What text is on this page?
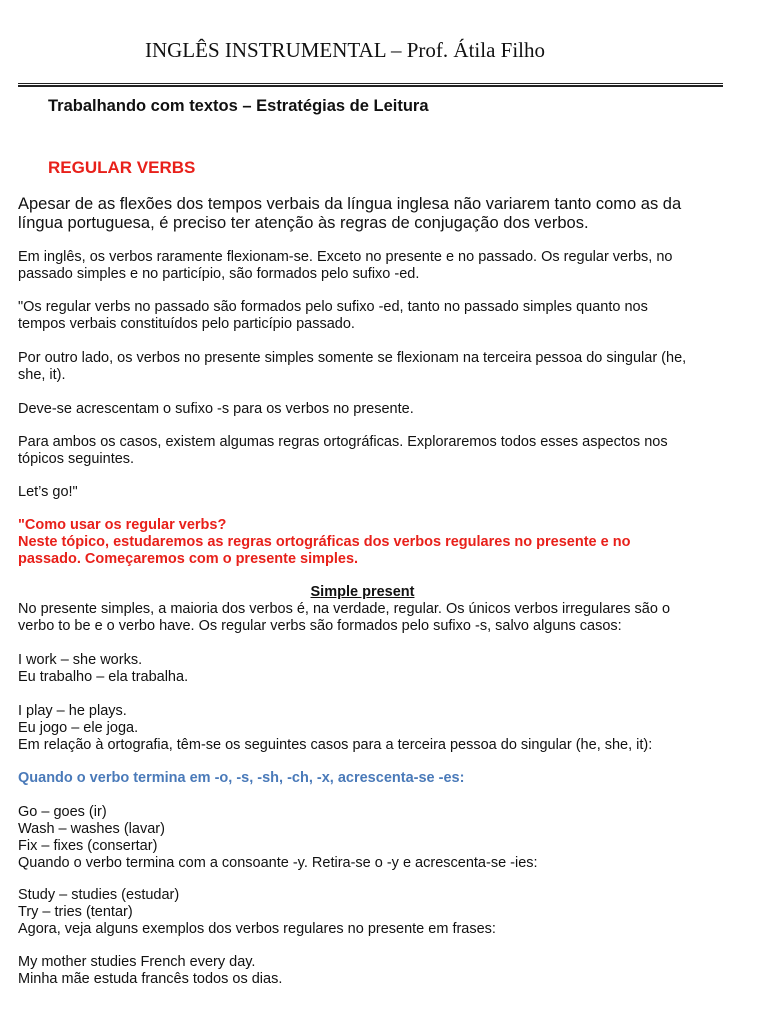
INGLÊS INSTRUMENTAL – Prof. Átila Filho
Trabalhando com textos – Estratégias de Leitura
REGULAR VERBS
Apesar de as flexões dos tempos verbais da língua inglesa não variarem tanto como as da
língua portuguesa, é preciso ter atenção às regras de conjugação dos verbos.
Em inglês, os verbos raramente flexionam-se. Exceto no presente e no passado. Os regular verbs, no
passado simples e no particípio, são formados pelo sufixo -ed.
"Os regular verbs no passado são formados pelo sufixo -ed, tanto no passado simples quanto nos
tempos verbais constituídos pelo particípio passado.
Por outro lado, os verbos no presente simples somente se flexionam na terceira pessoa do singular (he,
she, it).
Deve-se acrescentam o sufixo -s para os verbos no presente.
Para ambos os casos, existem algumas regras ortográficas. Exploraremos todos esses aspectos nos
tópicos seguintes.
Let’s go!"
"Como usar os regular verbs?
Neste tópico, estudaremos as regras ortográficas dos verbos regulares no presente e no
passado. Começaremos com o presente simples.
Simple present
No presente simples, a maioria dos verbos é, na verdade, regular. Os únicos verbos irregulares são o
verbo to be e o verbo have. Os regular verbs são formados pelo sufixo -s, salvo alguns casos:
I work – she works.
Eu trabalho – ela trabalha.
I play – he plays.
Eu jogo – ele joga.
Em relação à ortografia, têm-se os seguintes casos para a terceira pessoa do singular (he, she, it):
Quando o verbo termina em -o, -s, -sh, -ch, -x, acrescenta-se -es:
Go – goes (ir)
Wash – washes (lavar)
Fix – fixes (consertar)
Quando o verbo termina com a consoante -y. Retira-se o -y e acrescenta-se -ies:
Study – studies (estudar)
Try – tries (tentar)
Agora, veja alguns exemplos dos verbos regulares no presente em frases:
My mother studies French every day.
Minha mãe estuda francês todos os dias.
